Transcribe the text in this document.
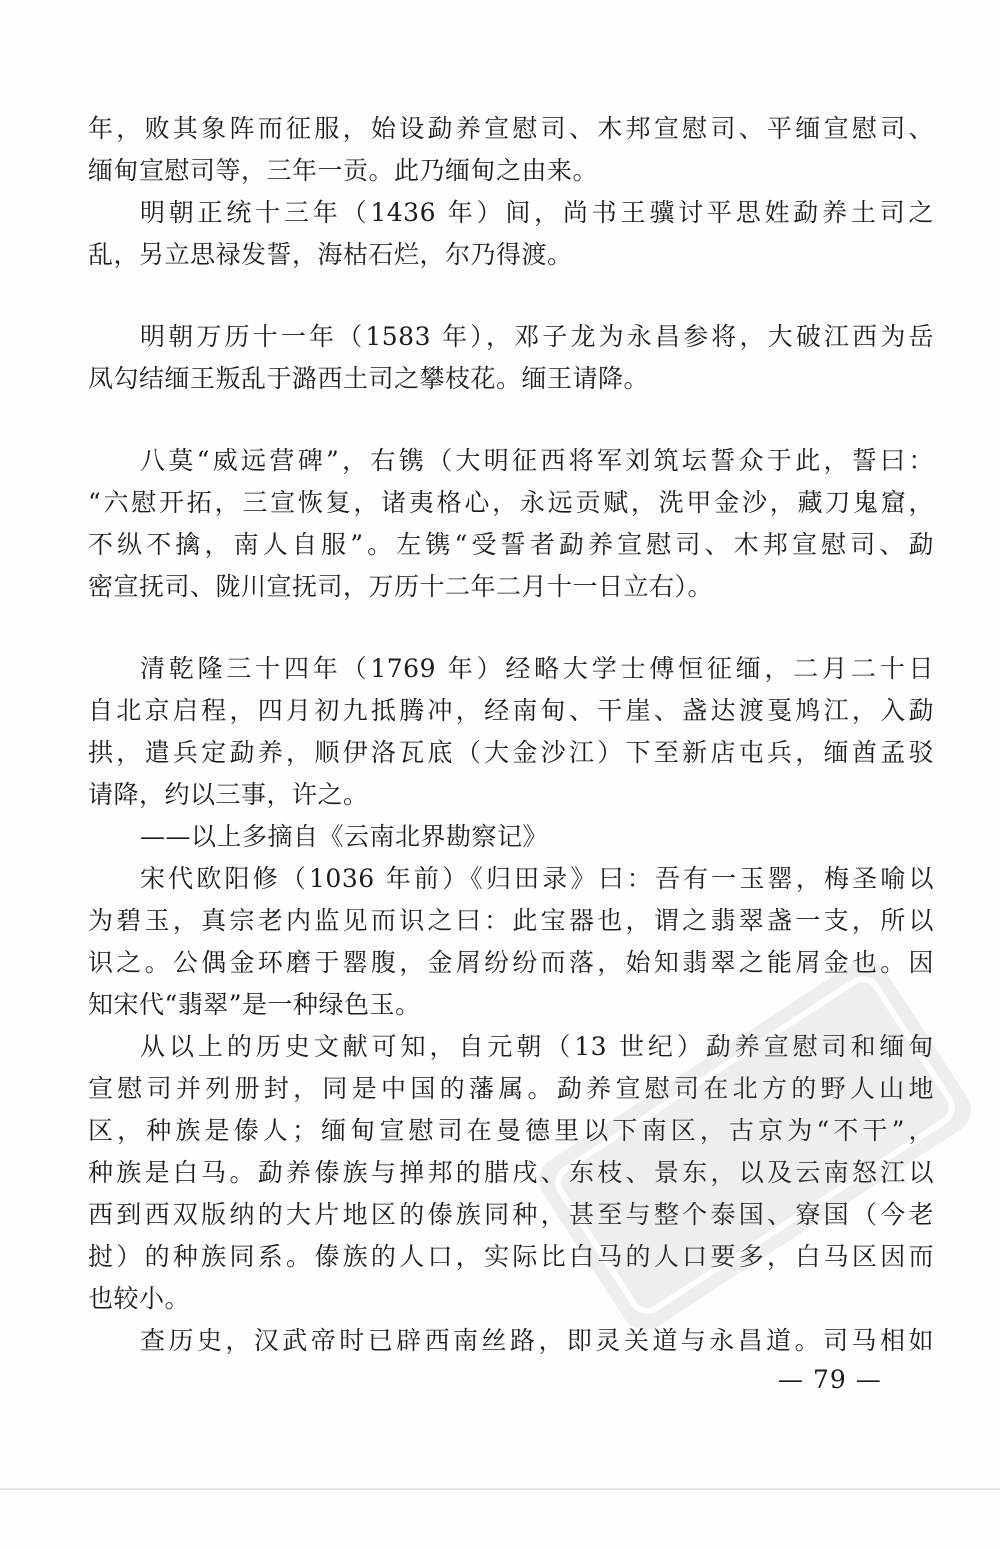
年，败其象阵而征服，始设勐养宣慰司、木邦宣慰司、平缅宣慰司、
缅甸宣慰司等，三年一贡。此乃缅甸之由来。
明朝正统十三年（1436 年）间，尚书王骥讨平思姓勐养土司之
乱，另立思禄发誓，海枯石烂，尔乃得渡。
明朝万历十一年（1583 年），邓子龙为永昌参将，大破江西为岳
凤勾结缅王叛乱于潞西土司之攀枝花。缅王请降。
八莫“威远营碑”，右镌（大明征西将军刘筑坛誓众于此，誓曰：
“六慰开拓，三宣恢复，诸夷格心，永远贡赋，洗甲金沙，藏刀鬼窟，
不纵不擒，南人自服”。左镌“受誓者勐养宣慰司、木邦宣慰司、勐
密宣抚司、陇川宣抚司，万历十二年二月十一日立右）。
清乾隆三十四年（1769 年）经略大学士傅恒征缅，二月二十日
自北京启程，四月初九抵腾冲，经南甸、干崖、盏达渡戛鸠江，入勐
拱，遣兵定勐养，顺伊洛瓦底（大金沙江）下至新店屯兵，缅酋孟驳
请降，约以三事，许之。
——以上多摘自《云南北界勘察记》
宋代欧阳修（1036 年前）《归田录》曰：吾有一玉罂，梅圣喻以
为碧玉，真宗老内监见而识之曰：此宝器也，谓之翡翠盏一支，所以
识之。公偶金环磨于罂腹，金屑纷纷而落，始知翡翠之能屑金也。因
知宋代“翡翠”是一种绿色玉。
从以上的历史文献可知，自元朝（13 世纪）勐养宣慰司和缅甸
宣慰司并列册封，同是中国的藩属。勐养宣慰司在北方的野人山地
区，种族是傣人；缅甸宣慰司在曼德里以下南区，古京为“不干”，
种族是白马。勐养傣族与掸邦的腊戌、东枝、景东，以及云南怒江以
西到西双版纳的大片地区的傣族同种，甚至与整个泰国、寮国（今老
挝）的种族同系。傣族的人口，实际比白马的人口要多，白马区因而
也较小。
查历史，汉武帝时已辟西南丝路，即灵关道与永昌道。司马相如
— 79 —
